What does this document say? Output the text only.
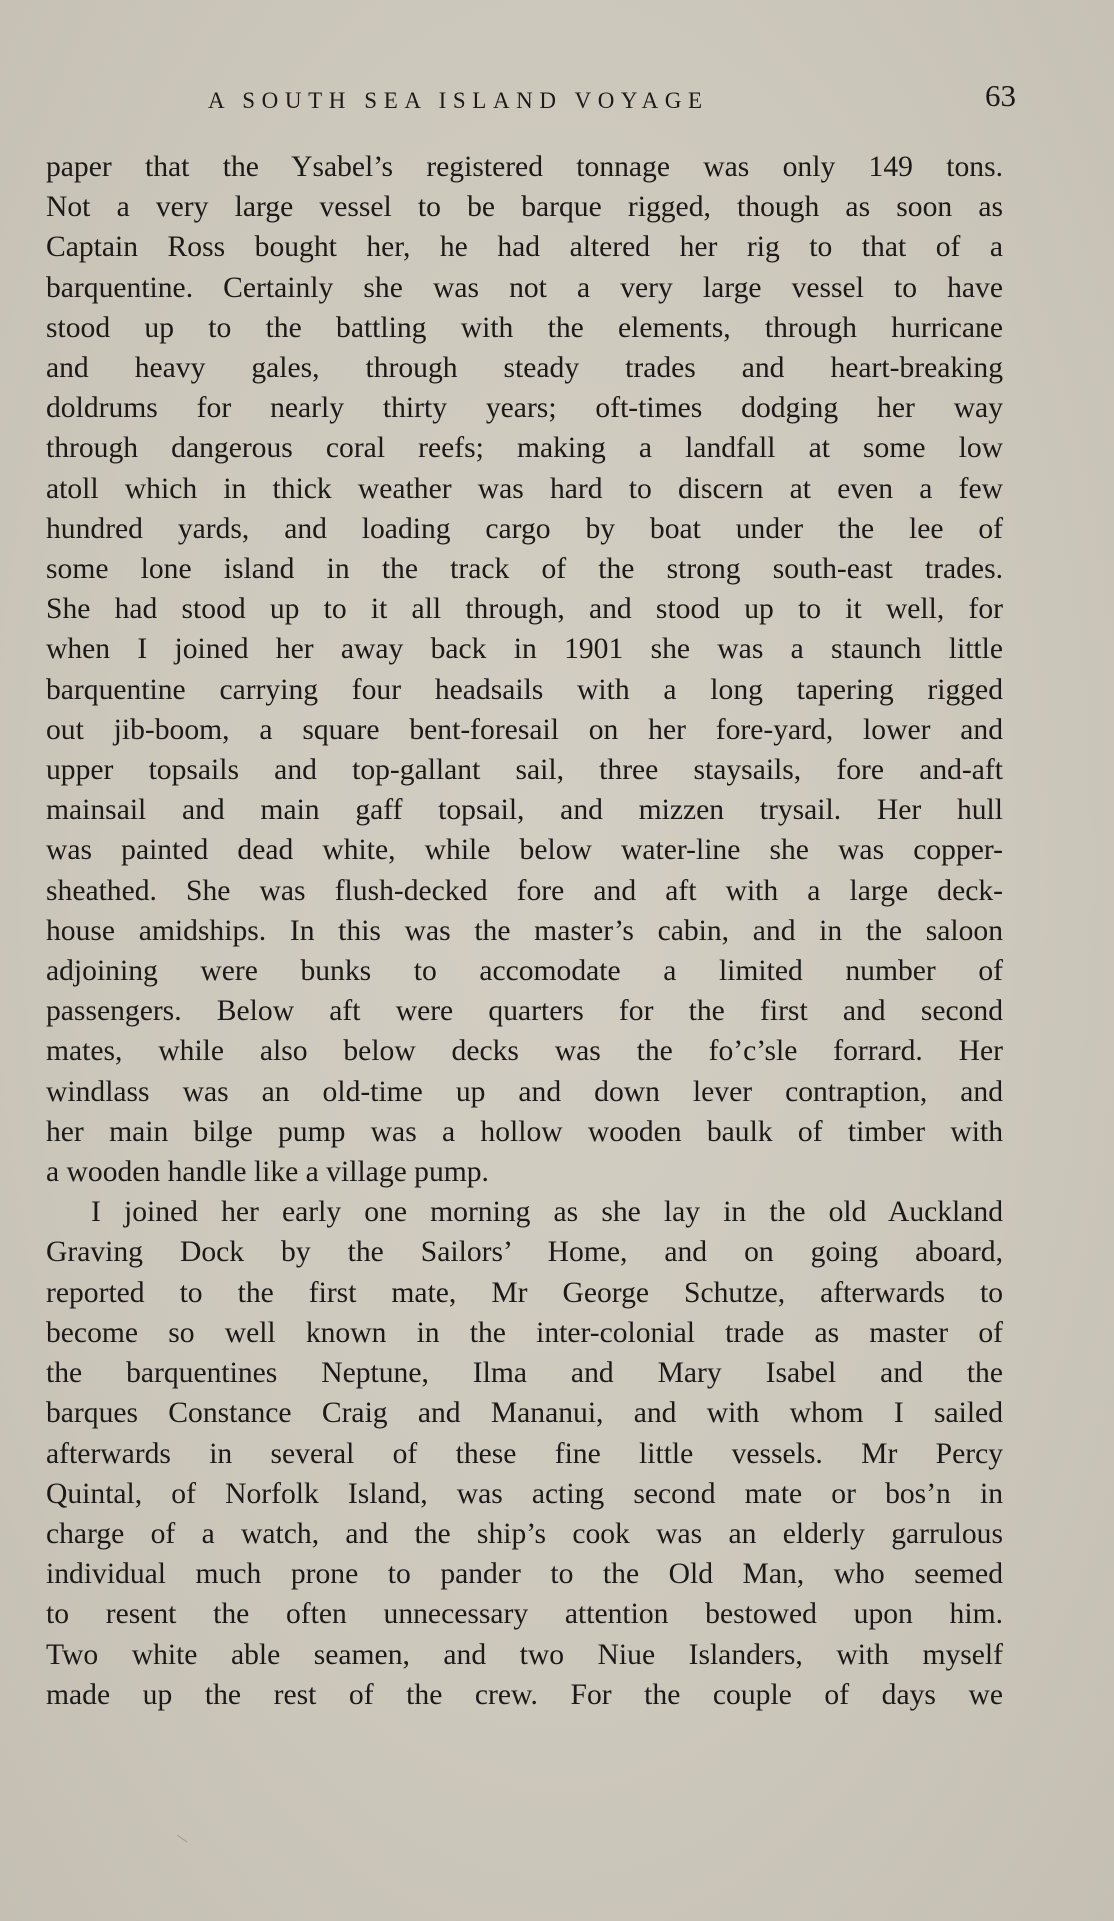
A SOUTH SEA ISLAND VOYAGE	63

paper that the Ysabel’s registered tonnage was only 149 tons.

Not a very large vessel to be barque rigged, though as soon as

Captain Ross bought her, he had altered her rig to that of a

barquentine. Certainly she was not a very large vessel to have

stood up to the battling with the elements, through hurricane

and heavy gales, through steady trades and heart-breaking

doldrums for nearly thirty years; oft-times dodging her way

through dangerous coral reefs; making a landfall at some low

atoll which in thick weather was hard to discern at even a few

hundred yards, and loading cargo by boat under the lee of

some lone island in the track of the strong south-east trades.

She had stood up to it all through, and stood up to it well, for

when I joined her away back in 1901 she was a staunch little

barquentine carrying four headsails with a long tapering rigged

out jib-boom, a square bent-foresail on her fore-yard, lower and

upper topsails and top-gallant sail, three staysails, fore and-aft

mainsail and main gaff topsail, and mizzen trysail. Her hull

was painted dead white, while below water-line she was copper-

sheathed. She was flush-decked fore and aft with a large deck-

house amidships. In this was the master’s cabin, and in the saloon

adjoining were bunks to accomodate a limited number of

passengers. Below aft were quarters for the first and second

mates, while also below decks was the fo’c’sle forrard. Her

windlass was an old-time up and down lever contraption, and

her main bilge pump was a hollow wooden baulk of timber with

a wooden handle like a village pump.

I joined her early one morning as she lay in the old Auckland

Graving Dock by the Sailors’ Home, and on going aboard,

reported to the first mate, Mr George Schutze, afterwards to

become so well known in the inter-colonial trade as master of

the barquentines Neptune, Ilma and Mary Isabel and the

barques Constance Craig and Mananui, and with whom I sailed

afterwards in several of these fine little vessels. Mr Percy

Quintal, of Norfolk Island, was acting second mate or bos’n in

charge of a watch, and the ship’s cook was an elderly garrulous

individual much prone to pander to the Old Man, who seemed

to resent the often unnecessary attention bestowed upon him.

Two white able seamen, and two Niue Islanders, with myself

made up the rest of the crew. For the couple of days we
